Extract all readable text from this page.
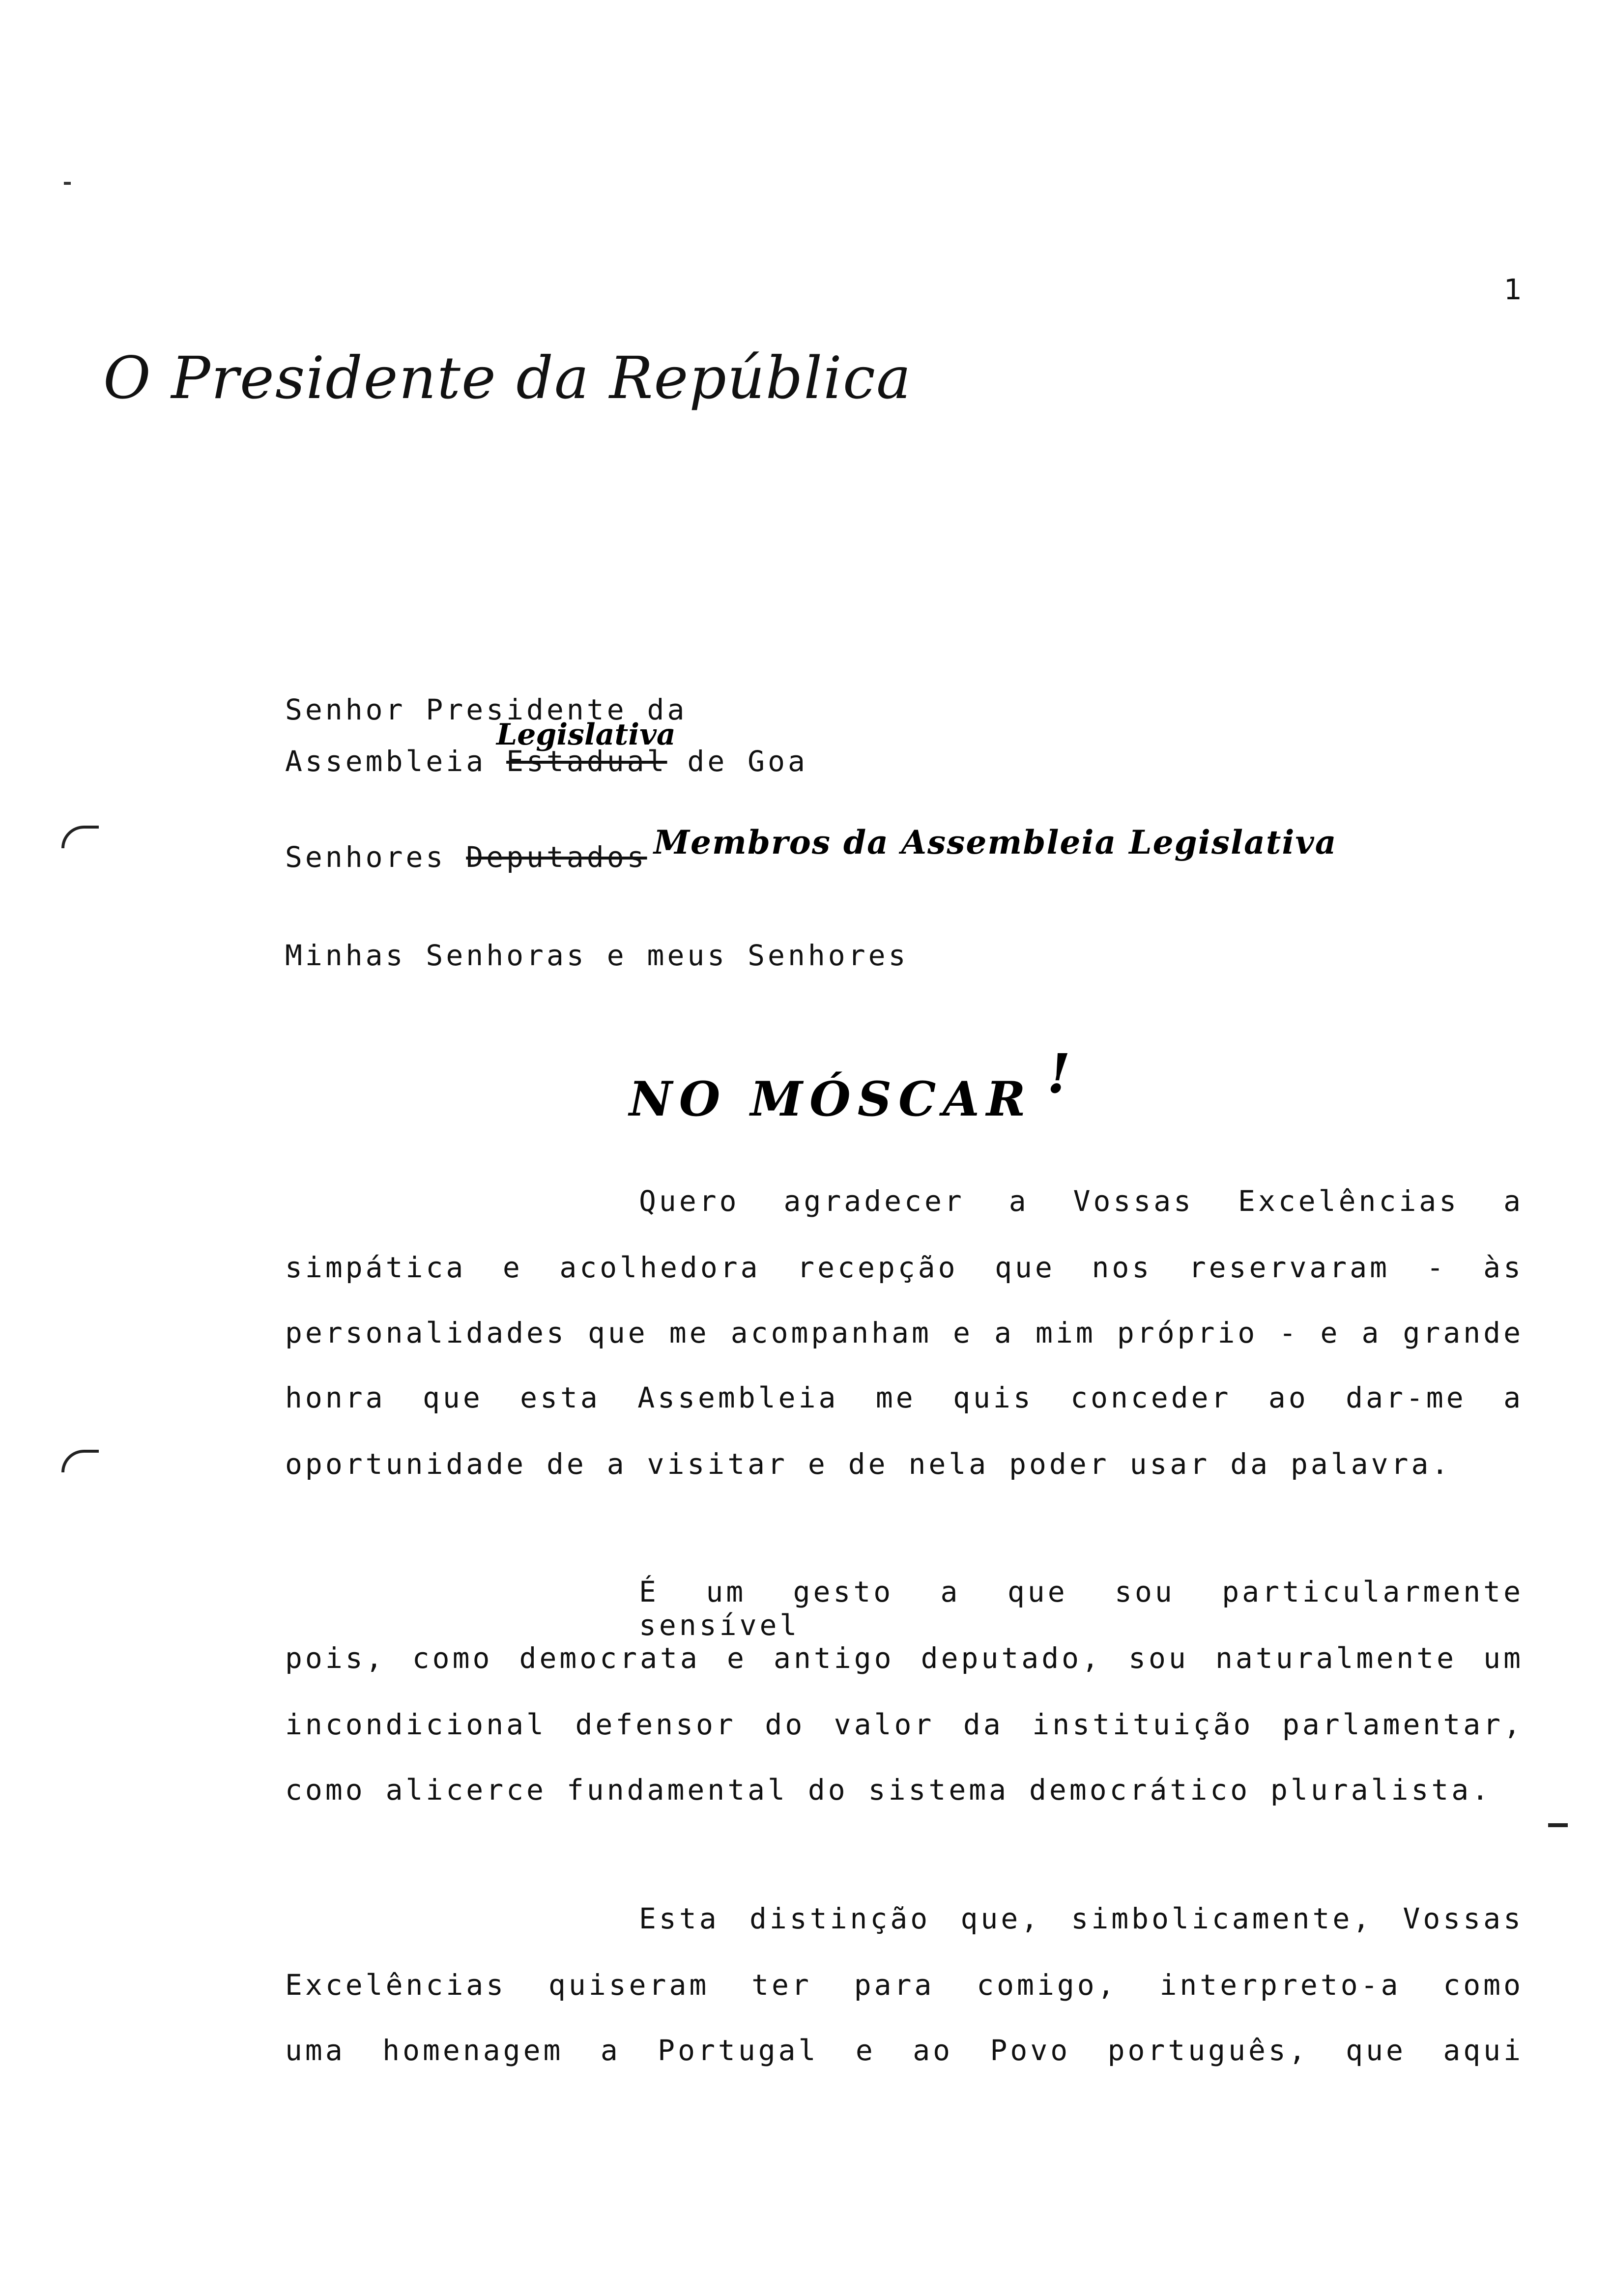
1
O Presidente da República
Senhor Presidente da
Legislativa
Assembleia Estadual de Goa
Senhores Deputados Membros da Assembleia Legislativa
Minhas Senhoras e meus Senhores
NO MÓSCAR !
Quero agradecer a Vossas Excelências a
simpática e acolhedora recepção que nos reservaram - às
personalidades que me acompanham e a mim próprio - e a grande
honra que esta Assembleia me quis conceder ao dar-me a
oportunidade de a visitar e de nela poder usar da palavra.
É um gesto a que sou particularmente sensível
pois, como democrata e antigo deputado, sou naturalmente um
incondicional defensor do valor da instituição parlamentar,
como alicerce fundamental do sistema democrático pluralista.
Esta distinção que, simbolicamente, Vossas
Excelências quiseram ter para comigo, interpreto-a como
uma homenagem a Portugal e ao Povo português, que aqui
